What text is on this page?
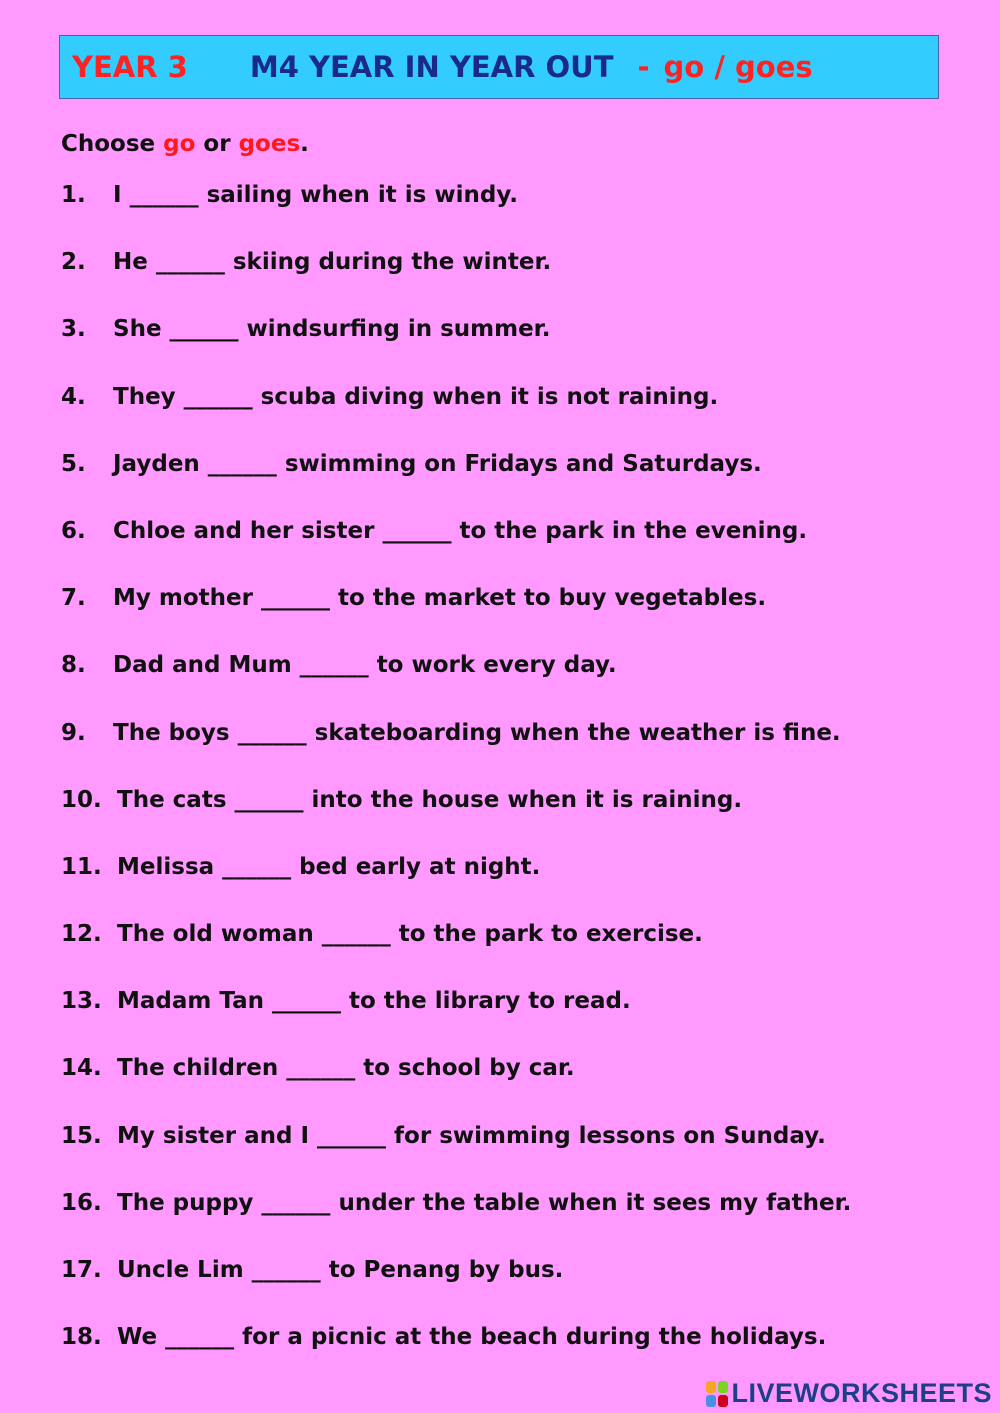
YEAR 3 M4 YEAR IN YEAR OUT - go / goes
Choose go or goes.
1.	I ______ sailing when it is windy.
2.	He ______ skiing during the winter.
3.	She ______ windsurfing in summer.
4.	They ______ scuba diving when it is not raining.
5.	Jayden ______ swimming on Fridays and Saturdays.
6.	Chloe and her sister ______ to the park in the evening.
7.	My mother ______ to the market to buy vegetables.
8.	Dad and Mum ______ to work every day.
9.	The boys ______ skateboarding when the weather is fine.
10. The cats ______ into the house when it is raining.
11. Melissa ______ bed early at night.
12. The old woman ______ to the park to exercise.
13. Madam Tan ______ to the library to read.
14. The children ______ to school by car.
15. My sister and I ______ for swimming lessons on Sunday.
16. The puppy ______ under the table when it sees my father.
17. Uncle Lim ______ to Penang by bus.
18. We ______ for a picnic at the beach during the holidays.
LIVEWORKSHEETS
